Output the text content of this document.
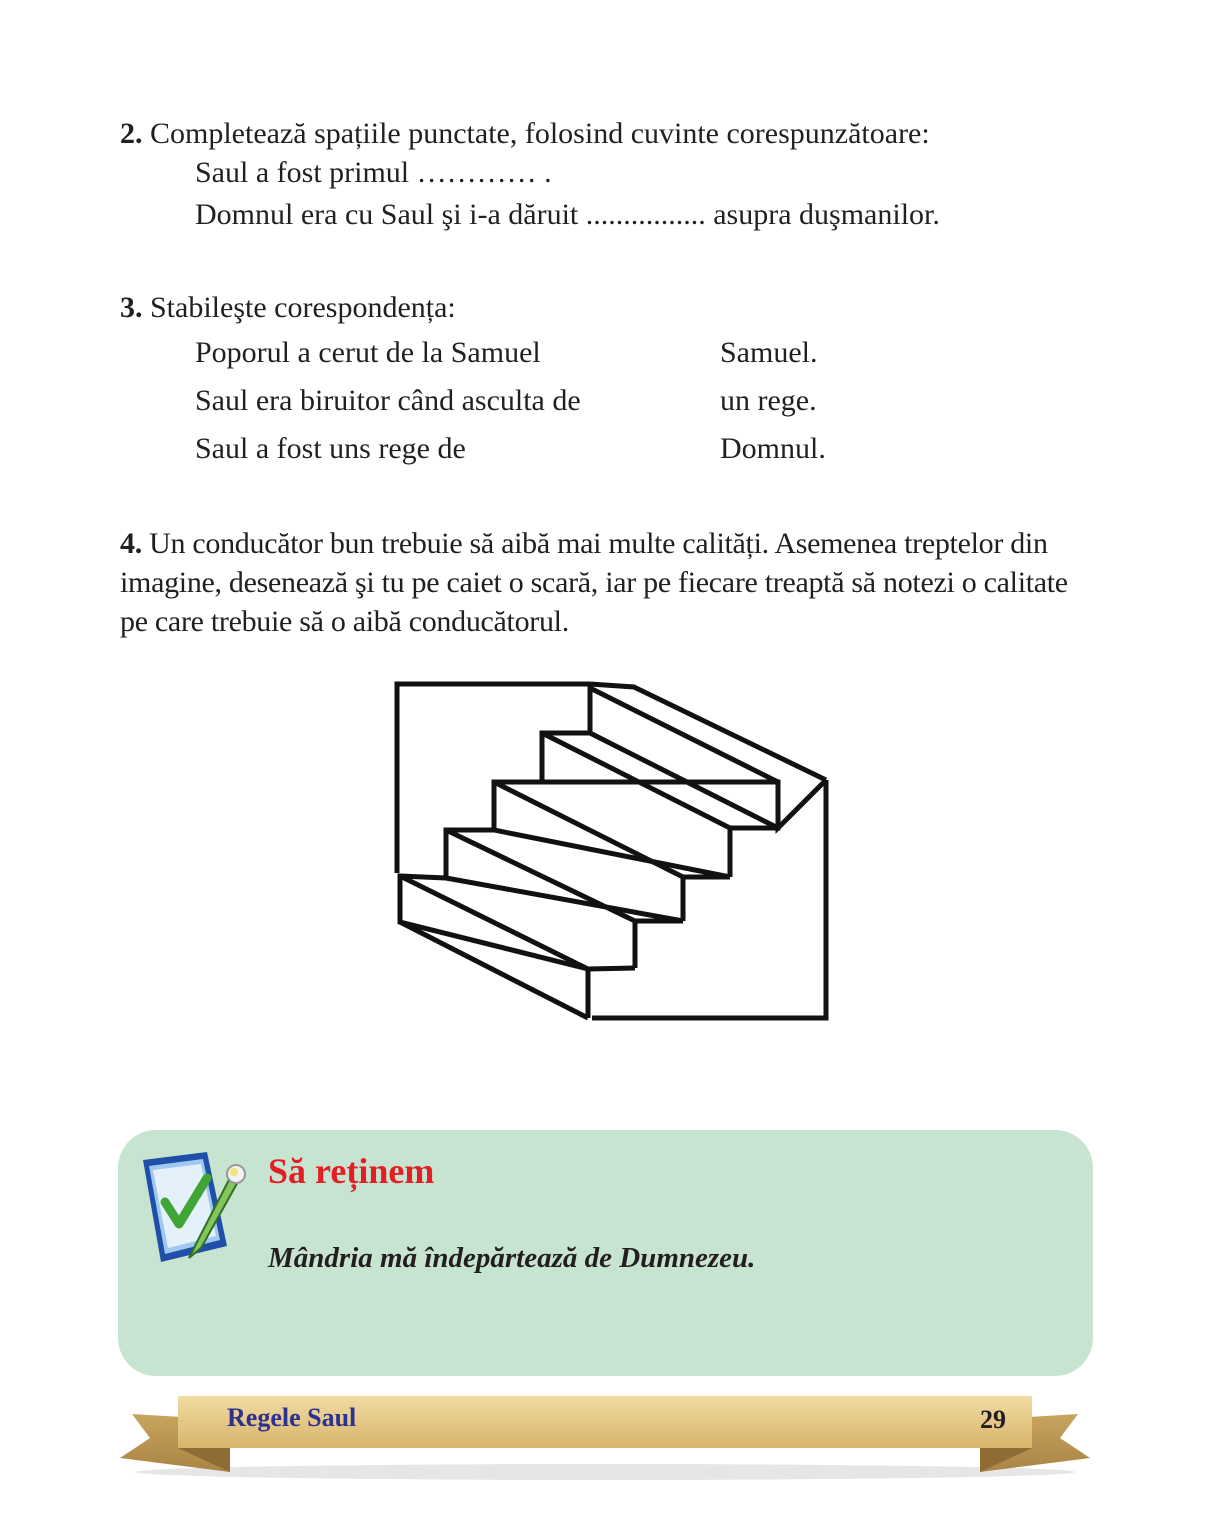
2. Completează spațiile punctate, folosind cuvinte corespunzătoare:
Saul a fost primul ………… .
Domnul era cu Saul şi i-a dăruit ................ asupra duşmanilor.
3. Stabileşte corespondența:
Poporul a cerut de la Samuel	Samuel.
Saul era biruitor când asculta de	un rege.
Saul a fost uns rege de	Domnul.
4. Un conducător bun trebuie să aibă mai multe calități. Asemenea treptelor din imagine, desenează şi tu pe caiet o scară, iar pe fiecare treaptă să notezi o calitate pe care trebuie să o aibă conducătorul.
Să reținem
Mândria mă îndepărtează de Dumnezeu.
Regele Saul	29
